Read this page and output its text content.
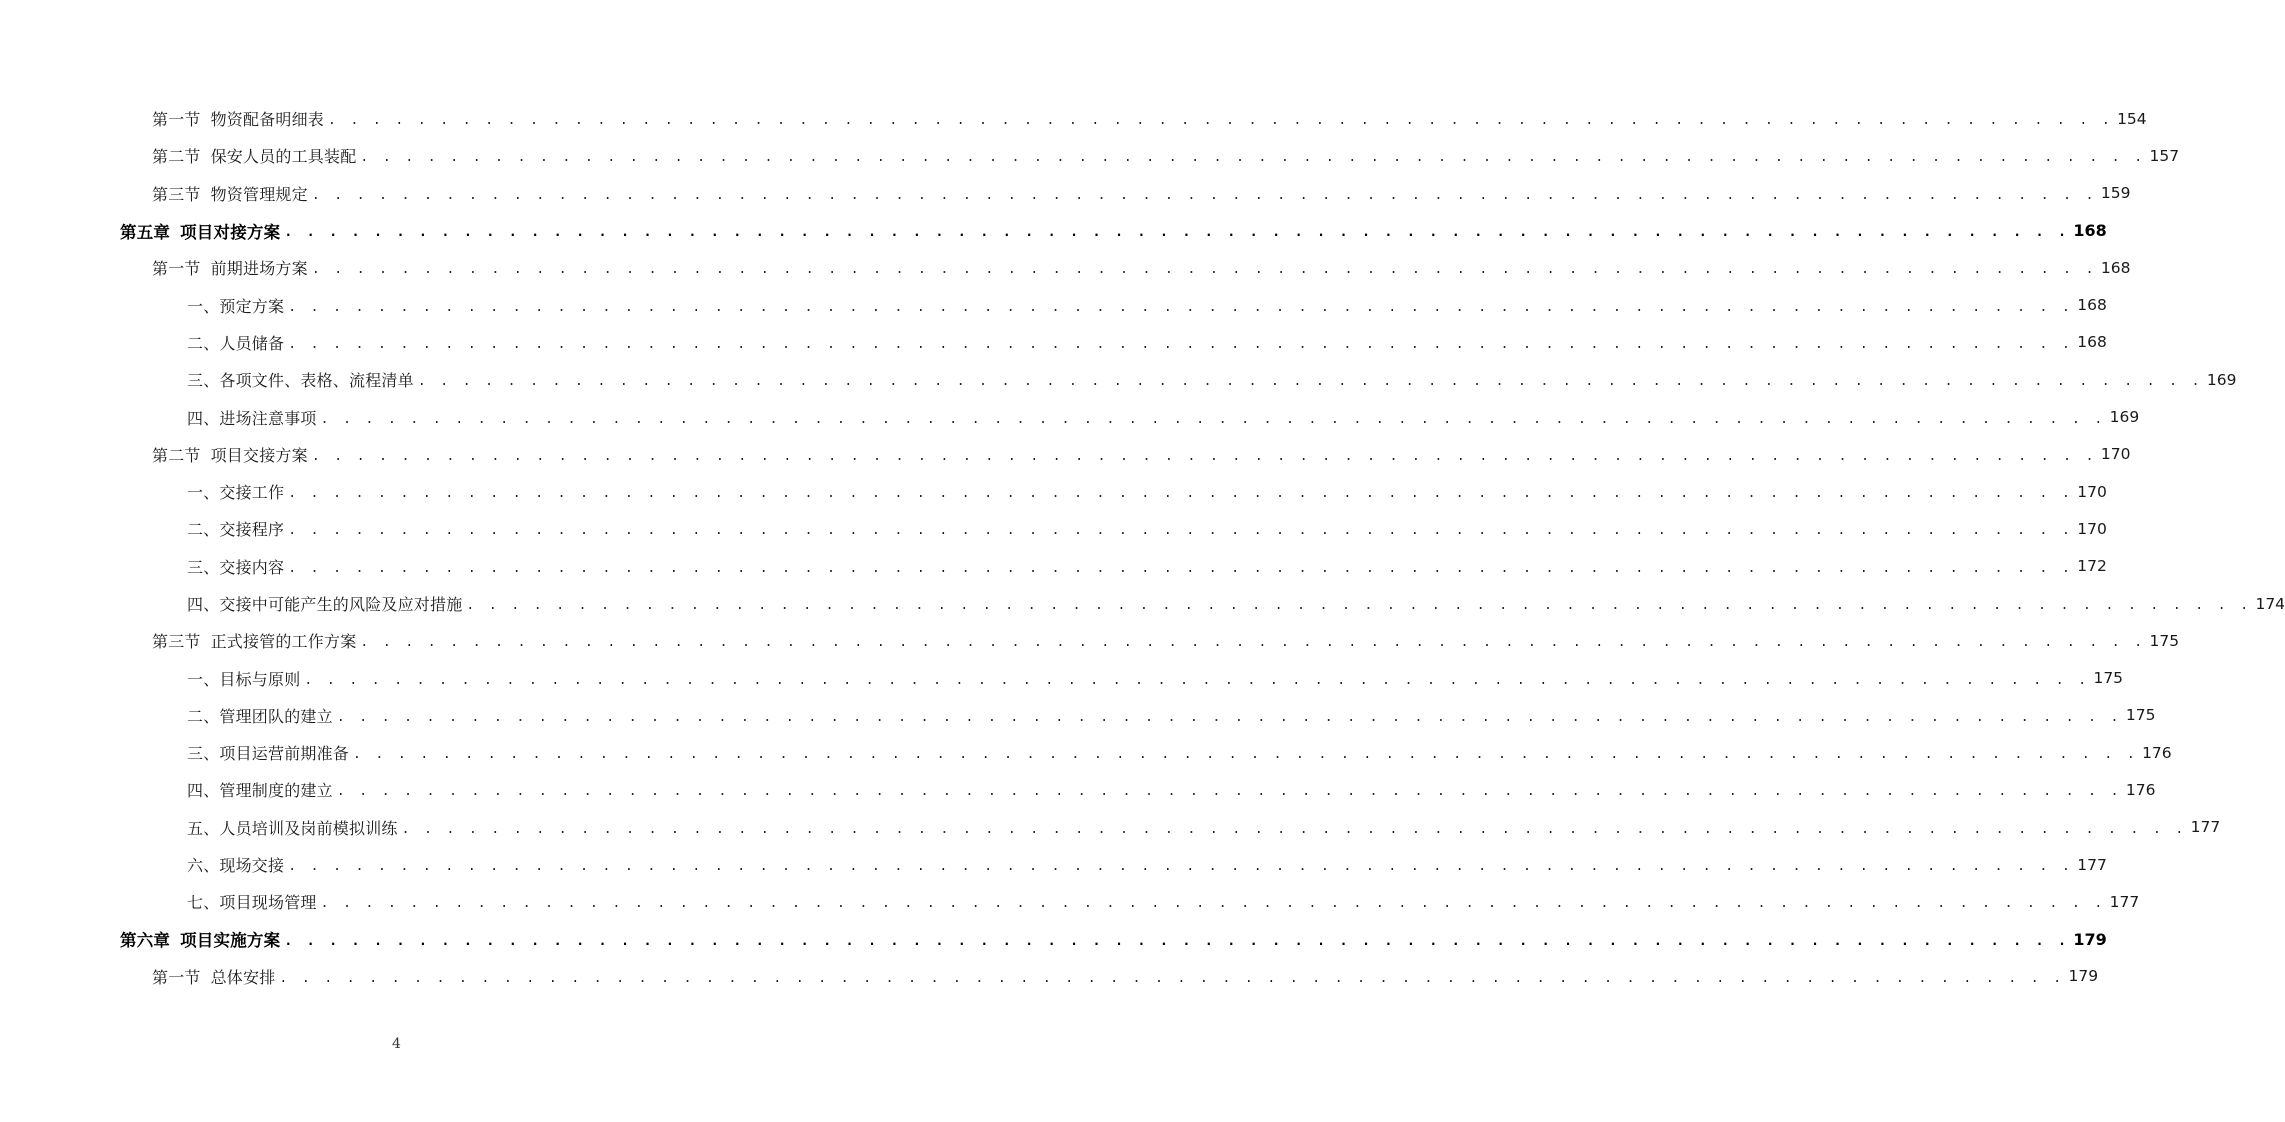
第一节 物资配备明细表 . . . . . . . . . . . . . . . . . . . . . . . . . . . . . . . . . . . . . . . . . . . . . . . . . . . . . . . . . . . . . . . . . . . . . . . . . . . . . . . . 154
第二节 保安人员的工具装配 . . . . . . . . . . . . . . . . . . . . . . . . . . . . . . . . . . . . . . . . . . . . . . . . . . . . . . . . . . . . . . . . . . . . . . . . . . . . . . . . 157
第三节 物资管理规定 . . . . . . . . . . . . . . . . . . . . . . . . . . . . . . . . . . . . . . . . . . . . . . . . . . . . . . . . . . . . . . . . . . . . . . . . . . . . . . . . 159
第五章 项目对接方案 . . . . . . . . . . . . . . . . . . . . . . . . . . . . . . . . . . . . . . . . . . . . . . . . . . . . . . . . . . . . . . . . . . . . . . . . . . . . . . . . 168
第一节 前期进场方案 . . . . . . . . . . . . . . . . . . . . . . . . . . . . . . . . . . . . . . . . . . . . . . . . . . . . . . . . . . . . . . . . . . . . . . . . . . . . . . . . 168
一、预定方案 . . . . . . . . . . . . . . . . . . . . . . . . . . . . . . . . . . . . . . . . . . . . . . . . . . . . . . . . . . . . . . . . . . . . . . . . . . . . . . . . 168
二、人员储备 . . . . . . . . . . . . . . . . . . . . . . . . . . . . . . . . . . . . . . . . . . . . . . . . . . . . . . . . . . . . . . . . . . . . . . . . . . . . . . . . 168
三、各项文件、表格、流程清单 . . . . . . . . . . . . . . . . . . . . . . . . . . . . . . . . . . . . . . . . . . . . . . . . . . . . . . . . . . . . . . . . . . . . . . . . . . . . . . . . 169
四、进场注意事项 . . . . . . . . . . . . . . . . . . . . . . . . . . . . . . . . . . . . . . . . . . . . . . . . . . . . . . . . . . . . . . . . . . . . . . . . . . . . . . . . 169
第二节 项目交接方案 . . . . . . . . . . . . . . . . . . . . . . . . . . . . . . . . . . . . . . . . . . . . . . . . . . . . . . . . . . . . . . . . . . . . . . . . . . . . . . . . 170
一、交接工作 . . . . . . . . . . . . . . . . . . . . . . . . . . . . . . . . . . . . . . . . . . . . . . . . . . . . . . . . . . . . . . . . . . . . . . . . . . . . . . . . 170
二、交接程序 . . . . . . . . . . . . . . . . . . . . . . . . . . . . . . . . . . . . . . . . . . . . . . . . . . . . . . . . . . . . . . . . . . . . . . . . . . . . . . . . 170
三、交接内容 . . . . . . . . . . . . . . . . . . . . . . . . . . . . . . . . . . . . . . . . . . . . . . . . . . . . . . . . . . . . . . . . . . . . . . . . . . . . . . . . 172
四、交接中可能产生的风险及应对措施 . . . . . . . . . . . . . . . . . . . . . . . . . . . . . . . . . . . . . . . . . . . . . . . . . . . . . . . . . . . . . . . . . . . . . . . . . . . . . . . . 174
第三节 正式接管的工作方案 . . . . . . . . . . . . . . . . . . . . . . . . . . . . . . . . . . . . . . . . . . . . . . . . . . . . . . . . . . . . . . . . . . . . . . . . . . . . . . . . 175
一、目标与原则 . . . . . . . . . . . . . . . . . . . . . . . . . . . . . . . . . . . . . . . . . . . . . . . . . . . . . . . . . . . . . . . . . . . . . . . . . . . . . . . . 175
二、管理团队的建立 . . . . . . . . . . . . . . . . . . . . . . . . . . . . . . . . . . . . . . . . . . . . . . . . . . . . . . . . . . . . . . . . . . . . . . . . . . . . . . . . 175
三、项目运营前期准备 . . . . . . . . . . . . . . . . . . . . . . . . . . . . . . . . . . . . . . . . . . . . . . . . . . . . . . . . . . . . . . . . . . . . . . . . . . . . . . . . 176
四、管理制度的建立 . . . . . . . . . . . . . . . . . . . . . . . . . . . . . . . . . . . . . . . . . . . . . . . . . . . . . . . . . . . . . . . . . . . . . . . . . . . . . . . . 176
五、人员培训及岗前模拟训练 . . . . . . . . . . . . . . . . . . . . . . . . . . . . . . . . . . . . . . . . . . . . . . . . . . . . . . . . . . . . . . . . . . . . . . . . . . . . . . . . 177
六、现场交接 . . . . . . . . . . . . . . . . . . . . . . . . . . . . . . . . . . . . . . . . . . . . . . . . . . . . . . . . . . . . . . . . . . . . . . . . . . . . . . . . 177
七、项目现场管理 . . . . . . . . . . . . . . . . . . . . . . . . . . . . . . . . . . . . . . . . . . . . . . . . . . . . . . . . . . . . . . . . . . . . . . . . . . . . . . . . 177
第六章 项目实施方案 . . . . . . . . . . . . . . . . . . . . . . . . . . . . . . . . . . . . . . . . . . . . . . . . . . . . . . . . . . . . . . . . . . . . . . . . . . . . . . . . 179
第一节 总体安排 . . . . . . . . . . . . . . . . . . . . . . . . . . . . . . . . . . . . . . . . . . . . . . . . . . . . . . . . . . . . . . . . . . . . . . . . . . . . . . . . 179
4
